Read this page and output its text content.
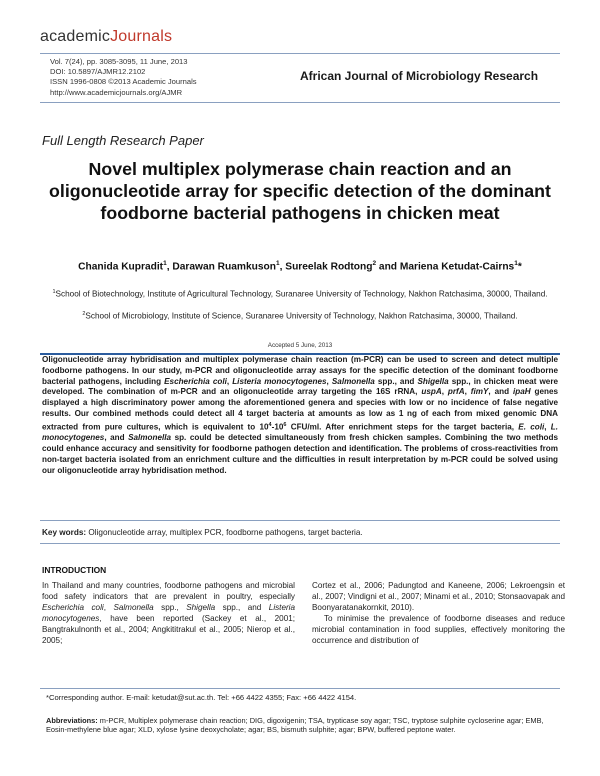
academicJournals
Vol. 7(24), pp. 3085-3095, 11 June, 2013
DOI: 10.5897/AJMR12.2102
ISSN 1996-0808 ©2013 Academic Journals
http://www.academicjournals.org/AJMR
African Journal of Microbiology Research
Full Length Research Paper
Novel multiplex polymerase chain reaction and an oligonucleotide array for specific detection of the dominant foodborne bacterial pathogens in chicken meat
Chanida Kupradit$^1$, Darawan Ruamkuson$^1$, Sureelak Rodtong$^2$ and Mariena Ketudat-Cairns$^1$*
$^1$School of Biotechnology, Institute of Agricultural Technology, Suranaree University of Technology, Nakhon Ratchasima, 30000, Thailand.
$^2$School of Microbiology, Institute of Science, Suranaree University of Technology, Nakhon Ratchasima, 30000, Thailand.
Accepted 5 June, 2013
Oligonucleotide array hybridisation and multiplex polymerase chain reaction (m-PCR) can be used to screen and detect multiple foodborne pathogens. In our study, m-PCR and oligonucleotide array assays for the specific detection of the dominant foodborne bacterial pathogens, including Escherichia coli, Listeria monocytogenes, Salmonella spp., and Shigella spp., in chicken meat were developed. The combination of m-PCR and an oligonucleotide array targeting the 16S rRNA, uspA, prfA, fimY, and ipaH genes displayed a high discriminatory power among the aforementioned genera and species with low or no incidence of false negative results. Our combined methods could detect all 4 target bacteria at amounts as low as 1 ng of each from mixed genomic DNA extracted from pure cultures, which is equivalent to $10^4-10^6$ CFU/ml. After enrichment steps for the target bacteria, E. coli, L. monocytogenes, and Salmonella sp. could be detected simultaneously from fresh chicken samples. Combining the two methods could enhance accuracy and sensitivity for foodborne pathogen detection and identification. The problems of cross-reactivities from non-target bacteria isolated from an enrichment culture and the difficulties in result interpretation by m-PCR could be solved using our oligonucleotide array hybridisation method.
Key words: Oligonucleotide array, multiplex PCR, foodborne pathogens, target bacteria.
INTRODUCTION
In Thailand and many countries, foodborne pathogens and microbial food safety indicators that are prevalent in poultry, especially Escherichia coli, Salmonella spp., Shigella spp., and Listeria monocytogenes, have been reported (Sackey et al., 2001; Bangtrakulnonth et al., 2004; Angkititrakul et al., 2005; Nierop et al., 2005;
Cortez et al., 2006; Padungtod and Kaneene, 2006; Lekroengsin et al., 2007; Vindigni et al., 2007; Minami et al., 2010; Stonsaovapak and Boonyaratanakornkit, 2010).
To minimise the prevalence of foodborne diseases and reduce microbial contamination in food supplies, effectively monitoring the occurrence and distribution of
*Corresponding author. E-mail: ketudat@sut.ac.th. Tel: +66 4422 4355; Fax: +66 4422 4154.
Abbreviations: m-PCR, Multiplex polymerase chain reaction; DIG, digoxigenin; TSA, trypticase soy agar; TSC, tryptose sulphite cycloserine agar; EMB, Eosin-methylene blue agar; XLD, xylose lysine deoxycholate; agar; BS, bismuth sulphite; agar; BPW, buffered peptone water.
